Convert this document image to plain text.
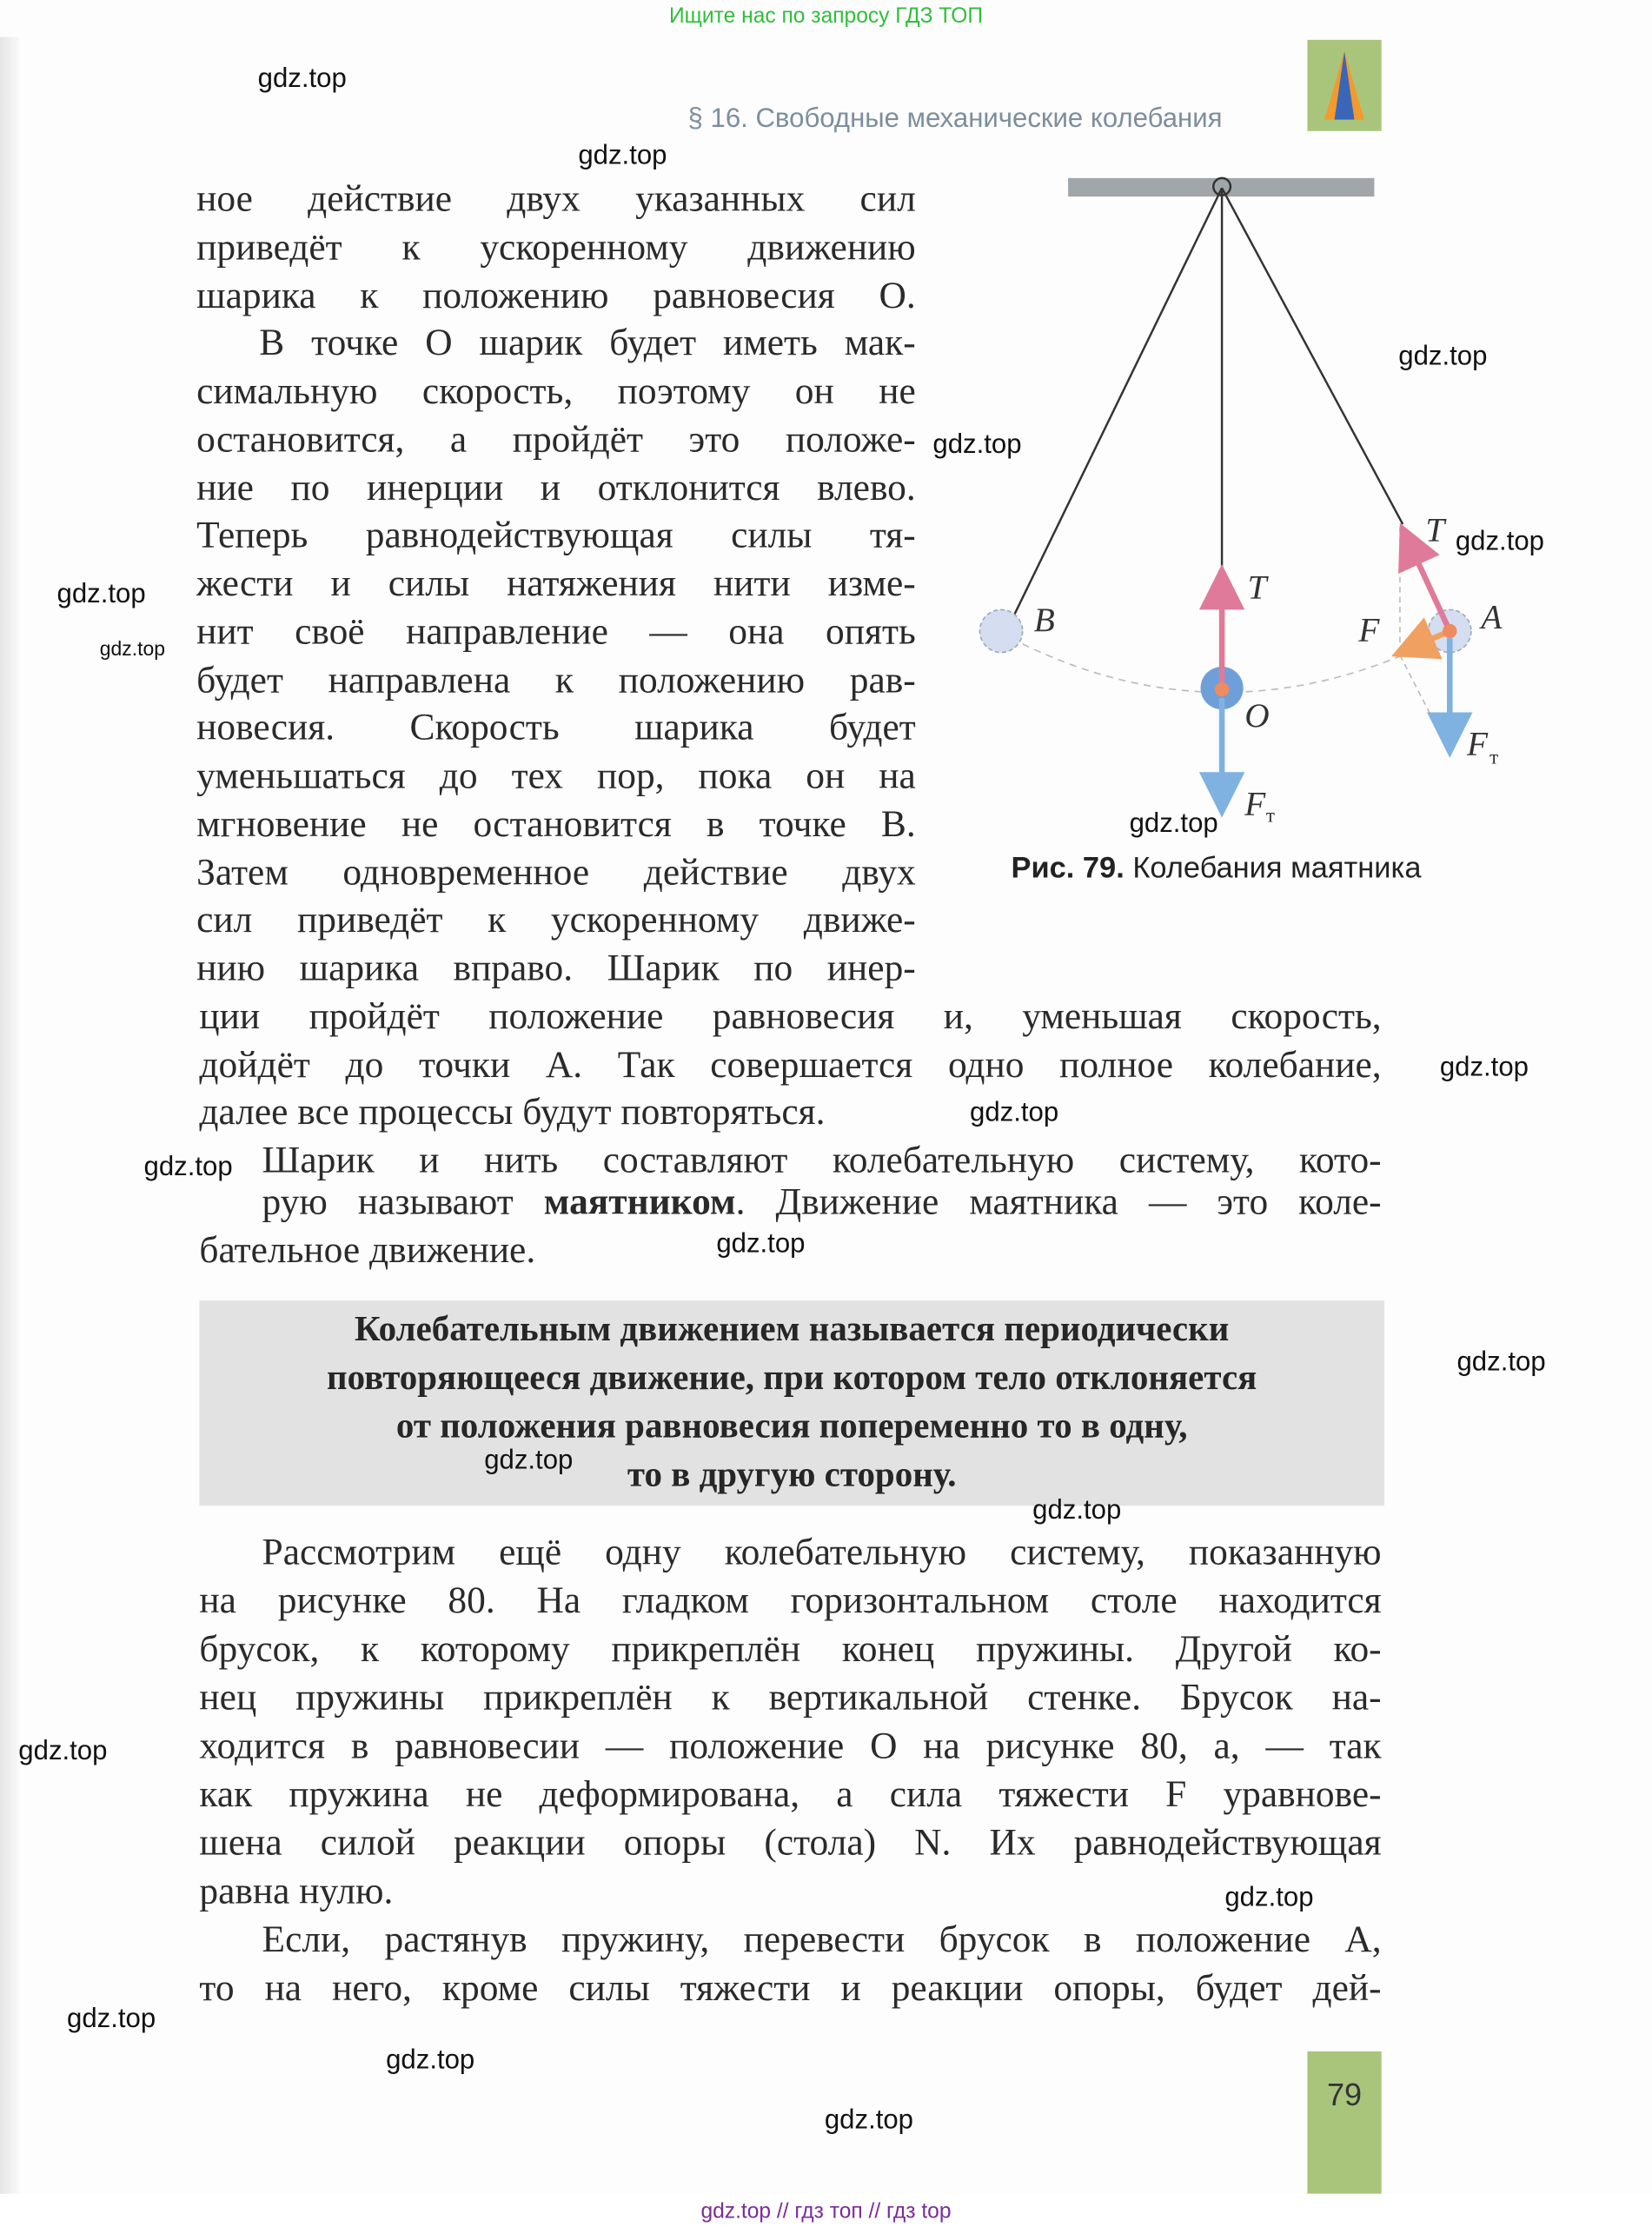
Ищите нас по запросу ГДЗ ТОП
§ 16. Свободные механические колебания
ное действие двух указанных сил
приведёт к ускоренному движению
шарика к положению равновесия O.
В точке O шарик будет иметь мак-
симальную скорость, поэтому он не
остановится, а пройдёт это положе-
ние по инерции и отклонится влево.
Теперь равнодействующая силы тя-
жести и силы натяжения нити изме-
нит своё направление — она опять
будет направлена к положению рав-
новесия. Скорость шарика будет
уменьшаться до тех пор, пока он на
мгновение не остановится в точке B.
Затем одновременное действие двух
сил приведёт к ускоренному движе-
нию шарика вправо. Шарик по инер-
B
T
O
F т
F	A
T
F т
Рис. 79. Колебания маятника
ции пройдёт положение равновесия и, уменьшая скорость,
дойдёт до точки A. Так совершается одно полное колебание,
далее все процессы будут повторяться.
Шарик и нить составляют колебательную систему, кото-
рую называют маятником. Движение маятника — это коле-
бательное движение.
Колебательным движением называется периодически
повторяющееся движение, при котором тело отклоняется
от положения равновесия попеременно то в одну,
то в другую сторону.
Рассмотрим ещё одну колебательную систему, показанную
на рисунке 80. На гладком горизонтальном столе находится
брусок, к которому прикреплён конец пружины. Другой ко-
нец пружины прикреплён к вертикальной стенке. Брусок на-
ходится в равновесии — положение O на рисунке 80, a, — так
как пружина не деформирована, а сила тяжести F уравнове-
шена силой реакции опоры (стола) N. Их равнодействующая
равна нулю.
Если, растянув пружину, перевести брусок в положение A,
то на него, кроме силы тяжести и реакции опоры, будет дей-
79
gdz.top
gdz.top
gdz.top
gdz.top
gdz.top
gdz.top
gdz.top
gdz.top
gdz.top
gdz.top
gdz.top
gdz.top
gdz.top
gdz.top
gdz.top
gdz.top
gdz.top
gdz.top
gdz.top
gdz.top
gdz.top // гдз топ // гдз top
